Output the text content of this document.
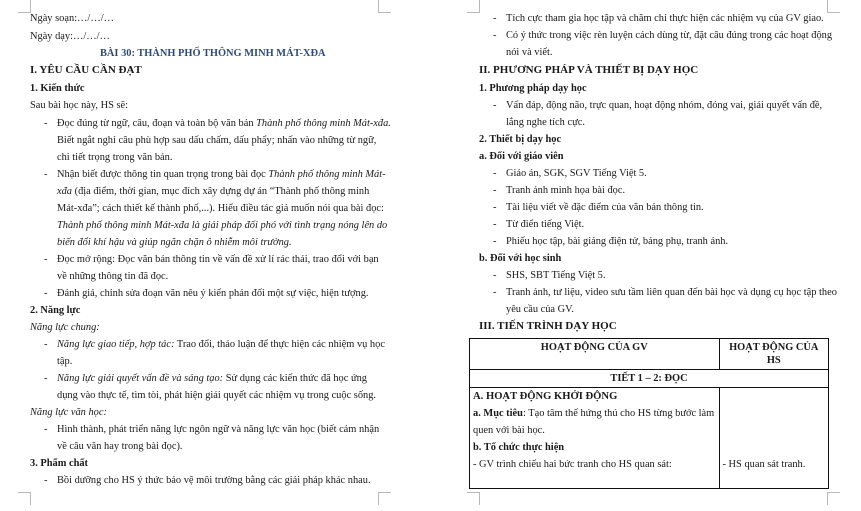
Ngày soạn:…/…/…
Ngày dạy:…/…/…
BÀI 30: THÀNH PHỐ THÔNG MINH MÁT-XĐA
I. YÊU CẦU CẦN ĐẠT
1. Kiến thức
Sau bài học này, HS sẽ:
- Đọc đúng từ ngữ, câu, đoạn và toàn bộ văn bản Thành phố thông minh Mát-xđa.
Biết ngắt nghỉ câu phù hợp sau dấu chấm, dấu phẩy; nhấn vào những từ ngữ,
chi tiết trọng trong văn bản.
- Nhận biết được thông tin quan trọng trong bài đọc Thành phố thông minh Mát-
xđa (địa điểm, thời gian, mục đích xây dựng dự án “Thành phố thông minh
Mát-xđa”; cách thiết kế thành phố,...). Hiểu điều tác giả muốn nói qua bài đọc:
Thành phố thông minh Mát-xđa là giải pháp đối phó với tình trạng nóng lên do
biến đổi khí hậu và giúp ngăn chặn ô nhiễm môi trường.
- Đọc mở rộng: Đọc văn bản thông tin về vấn đề xử lí rác thải, trao đổi với bạn
về những thông tin đã đọc.
- Đánh giá, chỉnh sửa đoạn văn nêu ý kiến phản đối một sự việc, hiện tượng.
2. Năng lực
Năng lực chung:
- Năng lực giao tiếp, hợp tác: Trao đổi, thảo luận để thực hiện các nhiệm vụ học
tập.
- Năng lực giải quyết vấn đề và sáng tạo: Sử dụng các kiến thức đã học ứng
dụng vào thực tế, tìm tòi, phát hiện giải quyết các nhiệm vụ trong cuộc sống.
Năng lực văn học:
- Hình thành, phát triển năng lực ngôn ngữ và năng lực văn học (biết cảm nhận
về câu văn hay trong bài đọc).
3. Phẩm chất
- Bồi dưỡng cho HS ý thức bảo vệ môi trường bằng các giải pháp khác nhau.
- Tích cực tham gia học tập và chăm chỉ thực hiện các nhiệm vụ của GV giao.
- Có ý thức trong việc rèn luyện cách dùng từ, đặt câu đúng trong các hoạt động
nói và viết.
II. PHƯƠNG PHÁP VÀ THIẾT BỊ DẠY HỌC
1. Phương pháp dạy học
- Vấn đáp, động não, trực quan, hoạt động nhóm, đóng vai, giải quyết vấn đề,
lắng nghe tích cực.
2. Thiết bị dạy học
a. Đối với giáo viên
- Giáo án, SGK, SGV Tiếng Việt 5.
- Tranh ảnh minh họa bài đọc.
- Tài liệu viết về đặc điểm của văn bản thông tin.
- Từ điển tiếng Việt.
- Phiếu học tập, bài giảng điện tử, bảng phụ, tranh ảnh.
b. Đối với học sinh
- SHS, SBT Tiếng Việt 5.
- Tranh ảnh, tư liệu, video sưu tầm liên quan đến bài học và dụng cụ học tập theo
yêu cầu của GV.
III. TIẾN TRÌNH DẠY HỌC
HOẠT ĐỘNG CỦA GV	HOẠT ĐỘNG CỦA HS
TIẾT 1 – 2: ĐỌC	

A. HOẠT ĐỘNG KHỞI ĐỘNG
a. Mục tiêu: Tạo tâm thế hứng thú cho HS từng bước làm
quen với bài học.
b. Tổ chức thực hiện
- GV trình chiếu hai bức tranh cho HS quan sát:	- HS quan sát tranh.
